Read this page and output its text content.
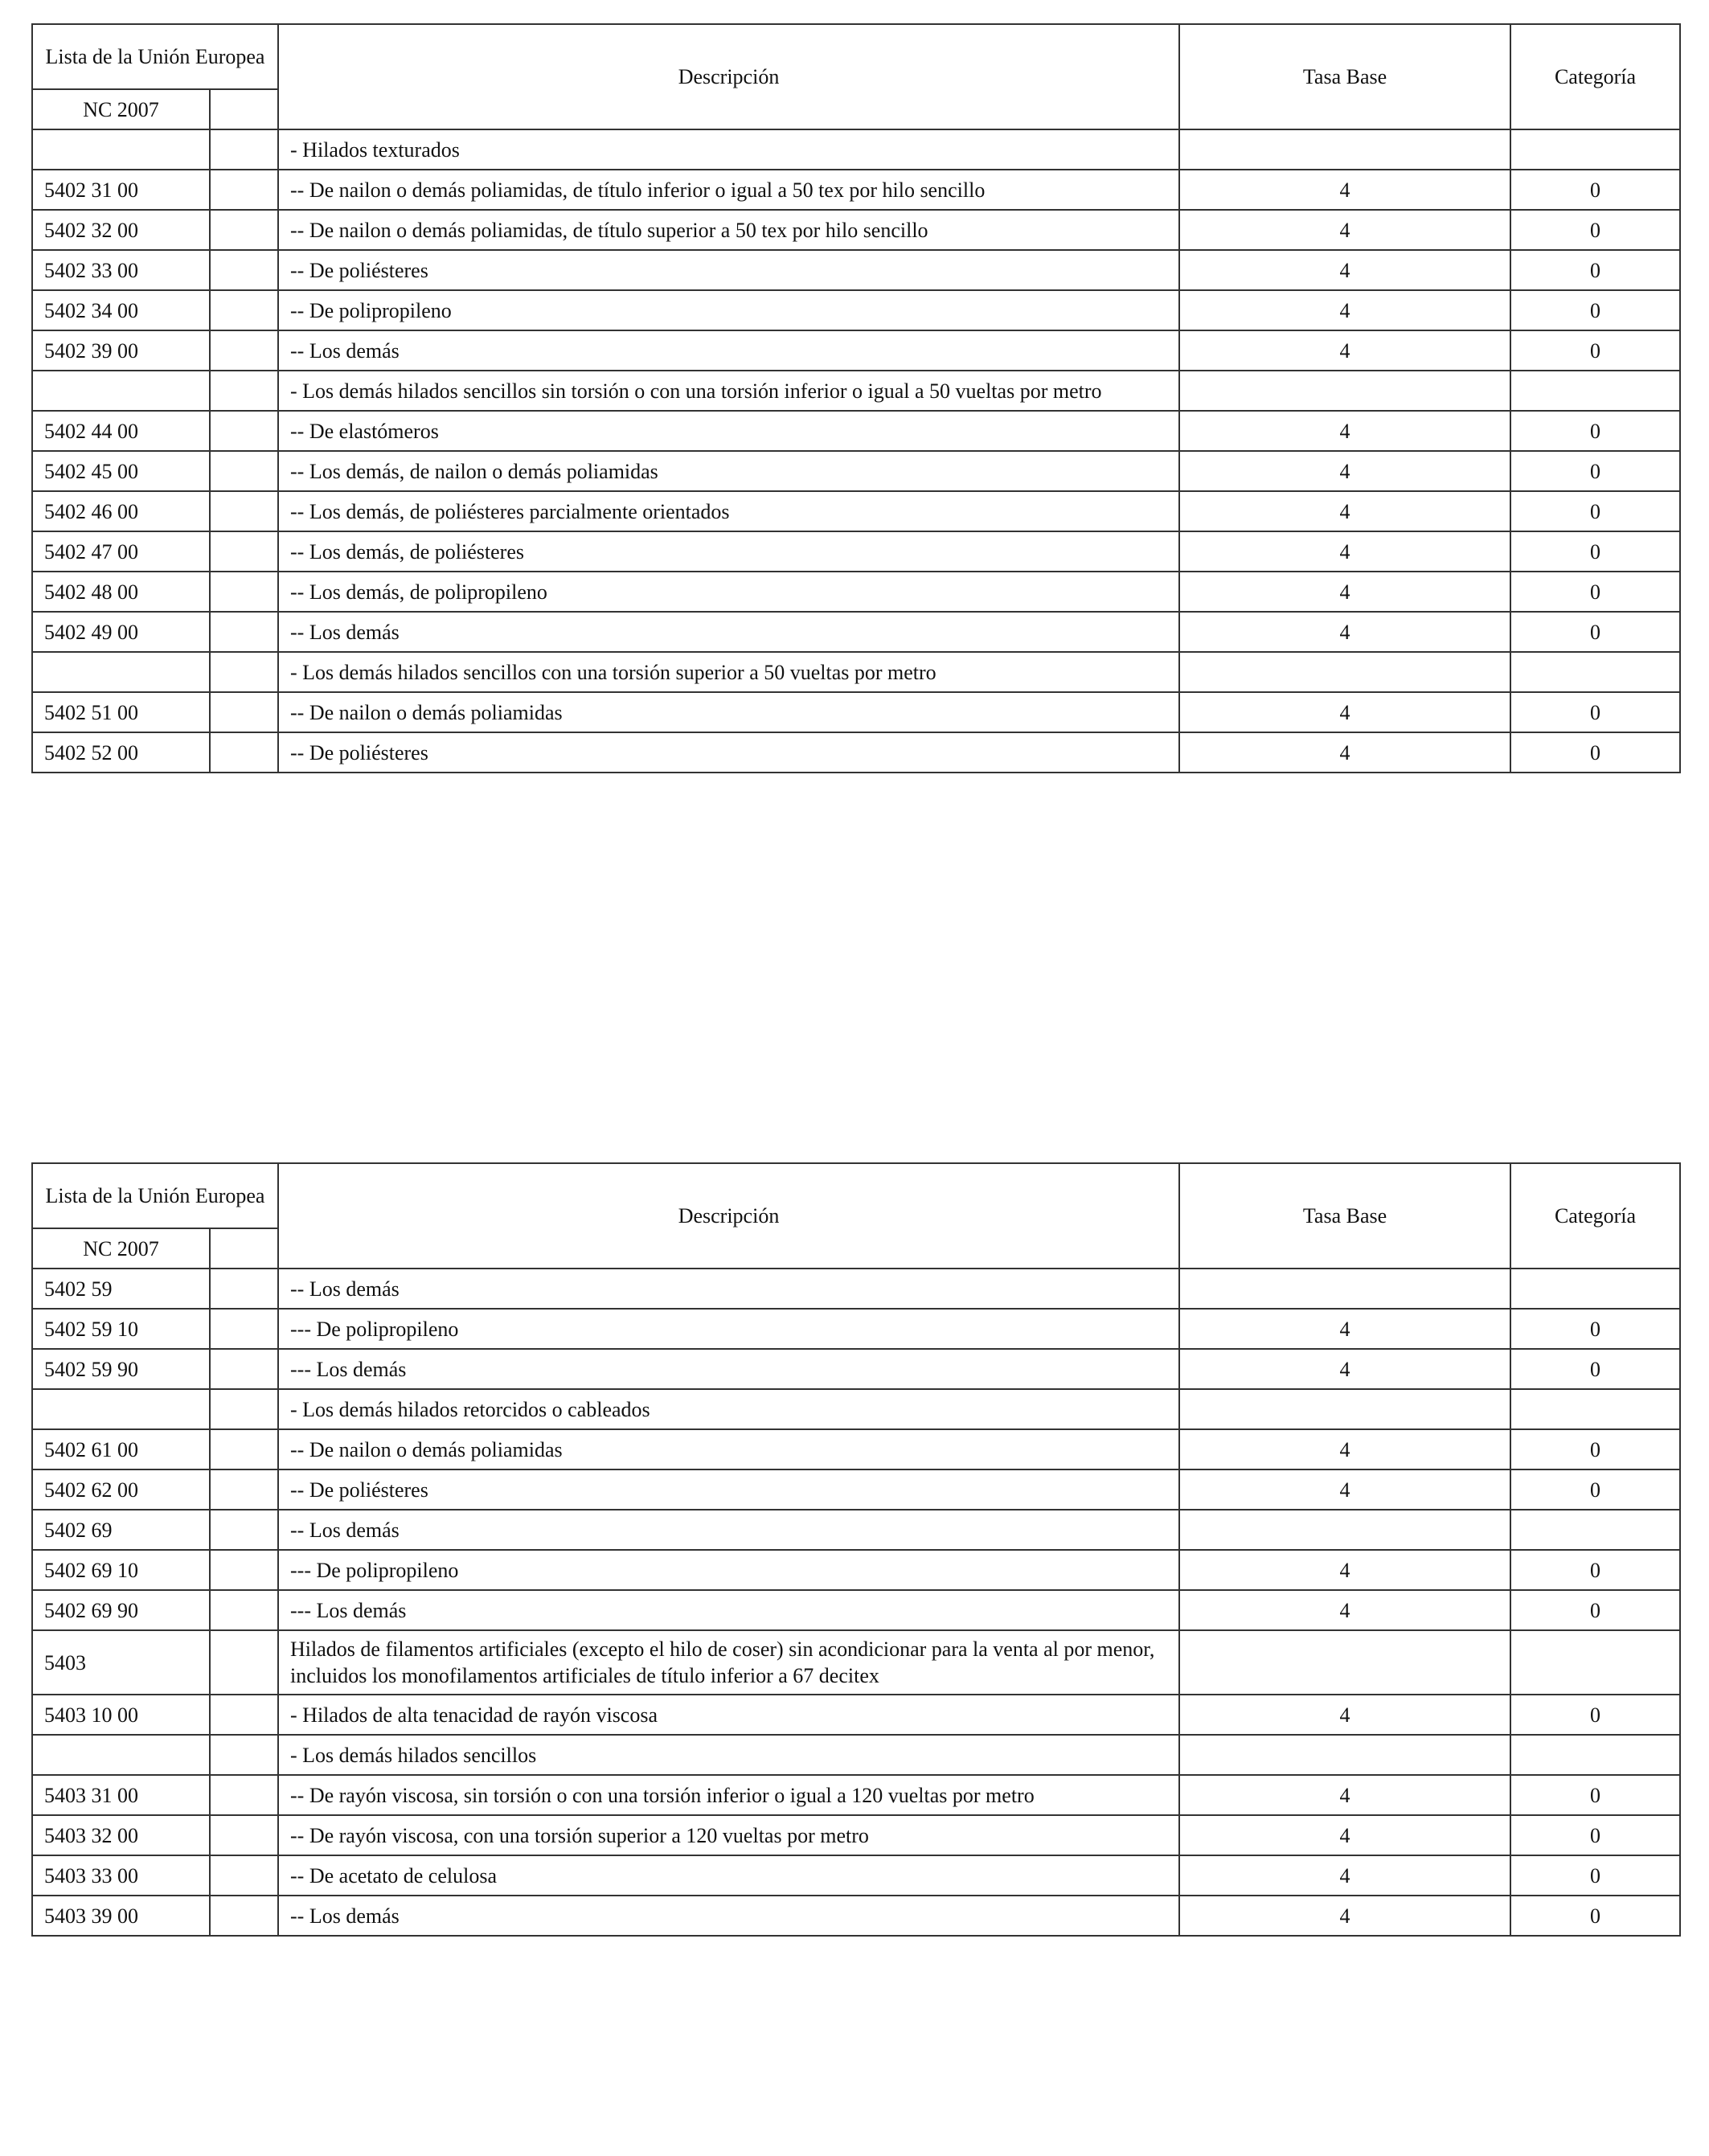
Lista de la Unión Europea		Descripción	Tasa Base	Categoría
NC 2007				
		- Hilados texturados		
5402 31 00		-- De nailon o demás poliamidas, de título inferior o igual a 50 tex por hilo sencillo	4	0
5402 32 00		-- De nailon o demás poliamidas, de título superior a 50 tex por hilo sencillo	4	0
5402 33 00		-- De poliésteres	4	0
5402 34 00		-- De polipropileno	4	0
5402 39 00		-- Los demás	4	0
		- Los demás hilados sencillos sin torsión o con una torsión inferior o igual a 50 vueltas por metro		
5402 44 00		-- De elastómeros	4	0
5402 45 00		-- Los demás, de nailon o demás poliamidas	4	0
5402 46 00		-- Los demás, de poliésteres parcialmente orientados	4	0
5402 47 00		-- Los demás, de poliésteres	4	0
5402 48 00		-- Los demás, de polipropileno	4	0
5402 49 00		-- Los demás	4	0
		- Los demás hilados sencillos con una torsión superior a 50 vueltas por metro		
5402 51 00		-- De nailon o demás poliamidas	4	0
5402 52 00		-- De poliésteres	4	0
Lista de la Unión Europea		Descripción	Tasa Base	Categoría
NC 2007				
5402 59		-- Los demás		
5402 59 10		--- De polipropileno	4	0
5402 59 90		--- Los demás	4	0
		- Los demás hilados retorcidos o cableados		
5402 61 00		-- De nailon o demás poliamidas	4	0
5402 62 00		-- De poliésteres	4	0
5402 69		-- Los demás		
5402 69 10		--- De polipropileno	4	0
5402 69 90		--- Los demás	4	0
5403		Hilados de filamentos artificiales (excepto el hilo de coser) sin acondicionar para la venta al por menor, incluidos los monofilamentos artificiales de título inferior a 67 decitex		
5403 10 00		- Hilados de alta tenacidad de rayón viscosa	4	0
		- Los demás hilados sencillos		
5403 31 00		-- De rayón viscosa, sin torsión o con una torsión inferior o igual a 120 vueltas por metro	4	0
5403 32 00		-- De rayón viscosa, con una torsión superior a 120 vueltas por metro	4	0
5403 33 00		-- De acetato de celulosa	4	0
5403 39 00		-- Los demás	4	0
